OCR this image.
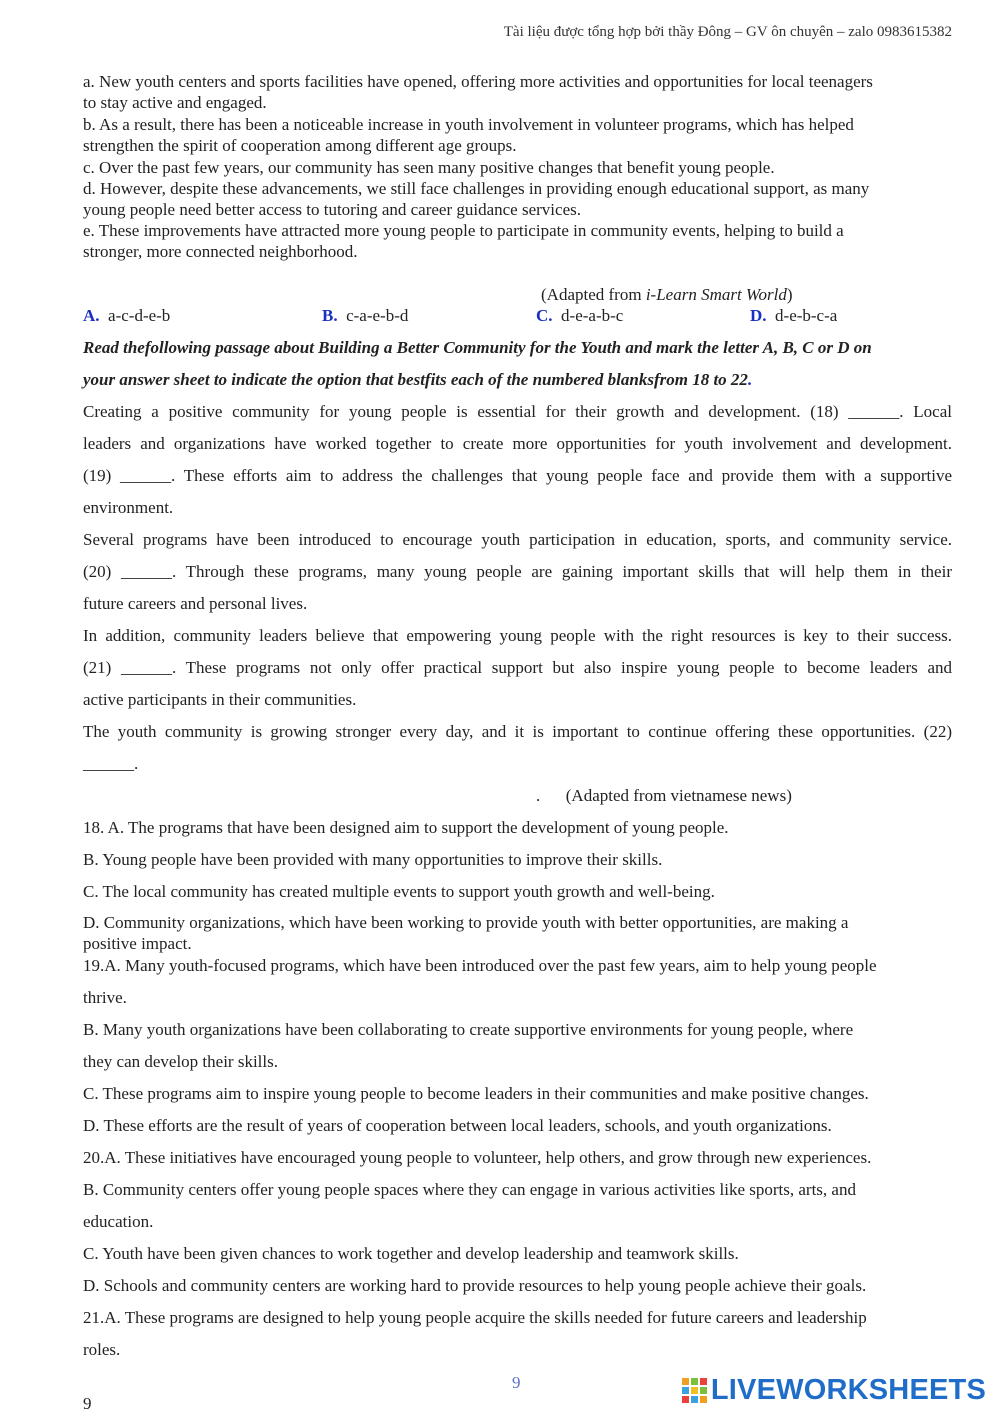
Tài liệu được tổng hợp bởi thầy Đông – GV ôn chuyên – zalo 0983615382
a. New youth centers and sports facilities have opened, offering more activities and opportunities for local teenagers
to stay active and engaged.
b. As a result, there has been a noticeable increase in youth involvement in volunteer programs, which has helped
strengthen the spirit of cooperation among different age groups.
c. Over the past few years, our community has seen many positive changes that benefit young people.
d. However, despite these advancements, we still face challenges in providing enough educational support, as many
young people need better access to tutoring and career guidance services.
e. These improvements have attracted more young people to participate in community events, helping to build a
stronger, more connected neighborhood.
(Adapted from i-Learn Smart World)
A. a-c-d-e-b	B. c-a-e-b-d	C. d-e-a-b-c	D. d-e-b-c-a
Read thefollowing passage about Building a Better Community for the Youth and mark the letter A, B, C or D on
your answer sheet to indicate the option that bestfits each of the numbered blanksfrom 18 to 22.
Creating a positive community for young people is essential for their growth and development. (18) ______. Local
leaders and organizations have worked together to create more opportunities for youth involvement and development.
(19) ______. These efforts aim to address the challenges that young people face and provide them with a supportive
environment.
Several programs have been introduced to encourage youth participation in education, sports, and community service.
(20) ______. Through these programs, many young people are gaining important skills that will help them in their
future careers and personal lives.
In addition, community leaders believe that empowering young people with the right resources is key to their success.
(21) ______. These programs not only offer practical support but also inspire young people to become leaders and
active participants in their communities.
The youth community is growing stronger every day, and it is important to continue offering these opportunities. (22)
______.
.      (Adapted from vietnamese news)
18. A. The programs that have been designed aim to support the development of young people.
B. Young people have been provided with many opportunities to improve their skills.
C. The local community has created multiple events to support youth growth and well-being.
D. Community organizations, which have been working to provide youth with better opportunities, are making a
positive impact.
19.A. Many youth-focused programs, which have been introduced over the past few years, aim to help young people
thrive.
B. Many youth organizations have been collaborating to create supportive environments for young people, where
they can develop their skills.
C. These programs aim to inspire young people to become leaders in their communities and make positive changes.
D. These efforts are the result of years of cooperation between local leaders, schools, and youth organizations.
20.A. These initiatives have encouraged young people to volunteer, help others, and grow through new experiences.
B. Community centers offer young people spaces where they can engage in various activities like sports, arts, and
education.
C. Youth have been given chances to work together and develop leadership and teamwork skills.
D. Schools and community centers are working hard to provide resources to help young people achieve their goals.
21.A. These programs are designed to help young people acquire the skills needed for future careers and leadership
roles.
9
9	LIVEWORKSHEETS
